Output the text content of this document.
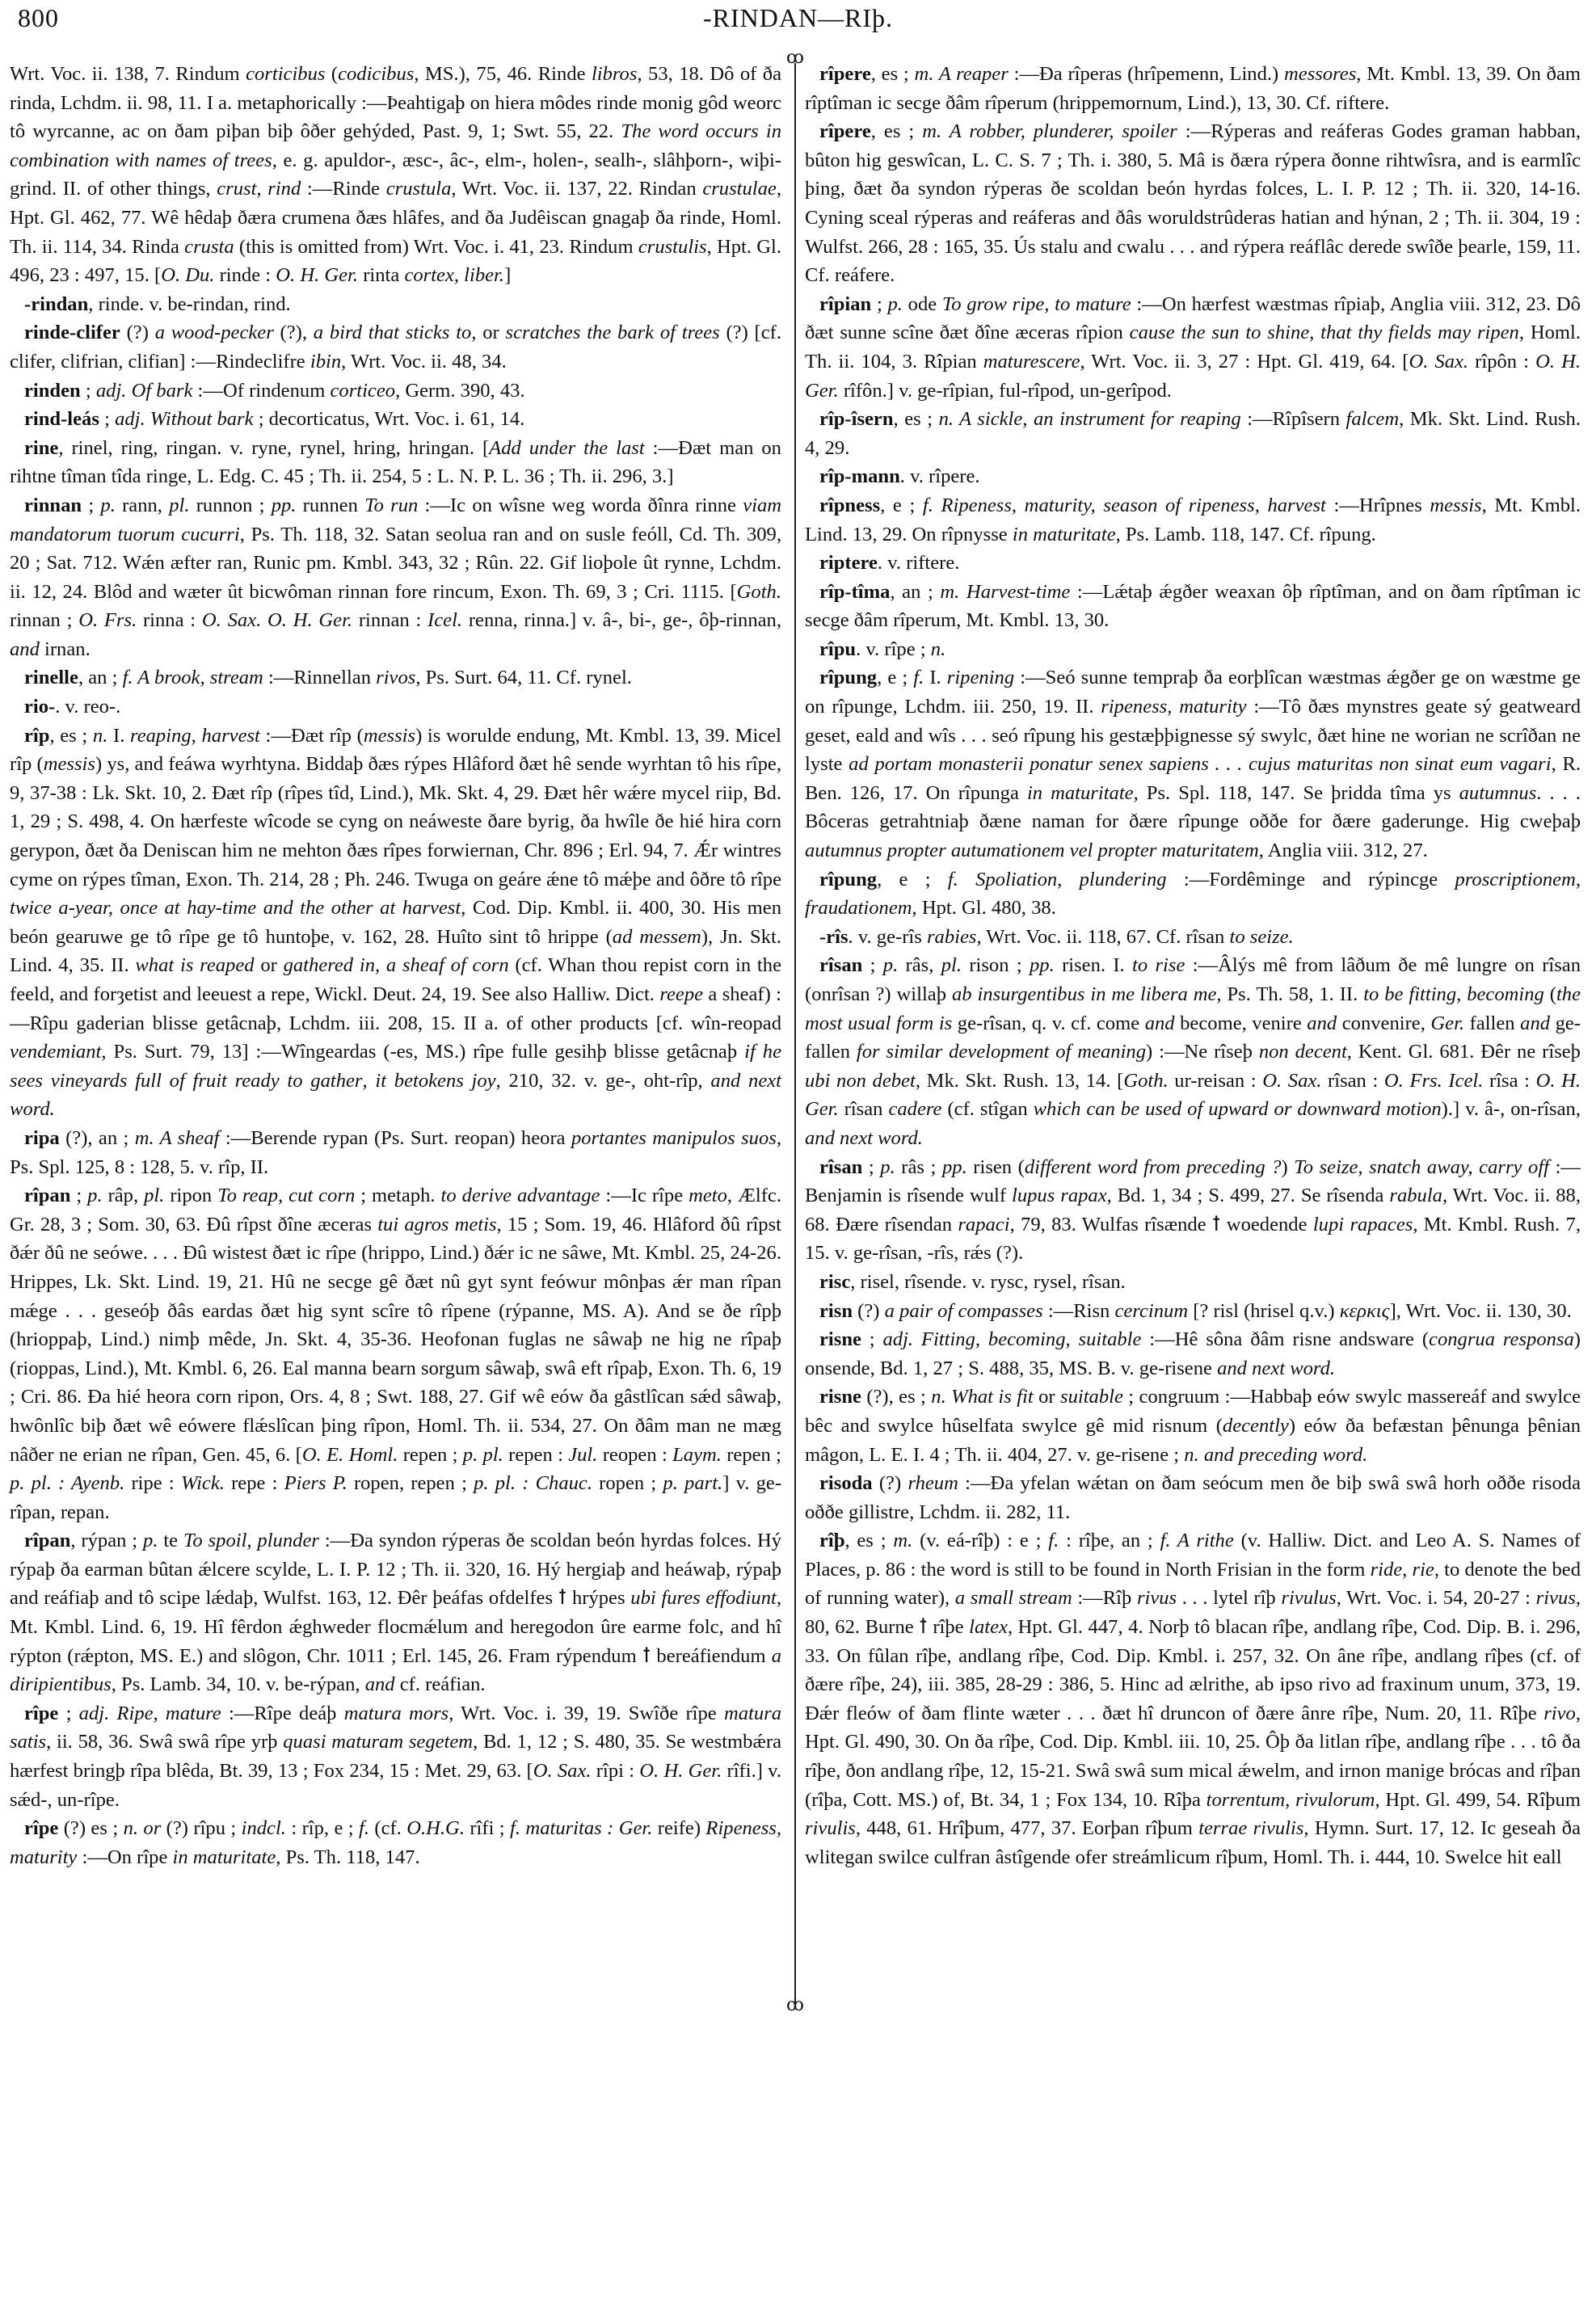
800	-RINDAN—RIþ.

Wrt. Voc. ii. 138, 7. Rindum corticibus (codicibus, MS.), 75, 46. Rinde libros, 53, 18. Dô of ða rinda, Lchdm. ii. 98, 11. I a. metaphorically :—Þeahtigaþ on hiera môdes rinde monig gôd weorc tô wyrcanne, ac on ðam piþan biþ ôðer gehýded, Past. 9, 1; Swt. 55, 22. The word occurs in combination with names of trees, e. g. apuldor-, æsc-, âc-, elm-, holen-, sealh-, slâhþorn-, wiþi-grind. II. of other things, crust, rind :—Rinde crustula, Wrt. Voc. ii. 137, 22. Rindan crustulae, Hpt. Gl. 462, 77. Wê hêdaþ ðæra crumena ðæs hlâfes, and ða Judêiscan gnagaþ ða rinde, Homl. Th. ii. 114, 34. Rinda crusta (this is omitted from) Wrt. Voc. i. 41, 23. Rindum crustulis, Hpt. Gl. 496, 23 : 497, 15. [O. Du. rinde : O. H. Ger. rinta cortex, liber.]

-rindan, rinde. v. be-rindan, rind.

rinde-clifer (?) a wood-pecker (?), a bird that sticks to, or scratches the bark of trees (?) [cf. clifer, clifrian, clifian] :—Rindeclifre ibin, Wrt. Voc. ii. 48, 34.

rinden ; adj. Of bark :—Of rindenum corticeo, Germ. 390, 43.

rind-leás ; adj. Without bark ; decorticatus, Wrt. Voc. i. 61, 14.

rine, rinel, ring, ringan. v. ryne, rynel, hring, hringan. [Add under the last :—Ðæt man on rihtne tîman tîda ringe, L. Edg. C. 45 ; Th. ii. 254, 5 : L. N. P. L. 36 ; Th. ii. 296, 3.]

rinnan ; p. rann, pl. runnon ; pp. runnen To run :—Ic on wîsne weg worda ðînra rinne viam mandatorum tuorum cucurri, Ps. Th. 118, 32. Satan seolua ran and on susle feóll, Cd. Th. 309, 20 ; Sat. 712. Wǽn æfter ran, Runic pm. Kmbl. 343, 32 ; Rûn. 22. Gif lioþole ût rynne, Lchdm. ii. 12, 24. Blôd and wæter ût bicwôman rinnan fore rincum, Exon. Th. 69, 3 ; Cri. 1115. [Goth. rinnan ; O. Frs. rinna : O. Sax. O. H. Ger. rinnan : Icel. renna, rinna.] v. â-, bi-, ge-, ôþ-rinnan, and irnan.

rinelle, an ; f. A brook, stream :—Rinnellan rivos, Ps. Surt. 64, 11. Cf. rynel.

rio-. v. reo-.

rîp, es ; n. I. reaping, harvest :—Ðæt rîp (messis) is worulde endung, Mt. Kmbl. 13, 39. Micel rîp (messis) ys, and feáwa wyrhtyna. Biddaþ ðæs rýpes Hlâford ðæt hê sende wyrhtan tô his rîpe, 9, 37-38 : Lk. Skt. 10, 2. Ðæt rîp (rîpes tîd, Lind.), Mk. Skt. 4, 29. Ðæt hêr wǽre mycel riip, Bd. 1, 29 ; S. 498, 4. On hærfeste wîcode se cyng on neáweste ðare byrig, ða hwîle ðe hié hira corn gerypon, ðæt ða Deniscan him ne mehton ðæs rîpes forwiernan, Chr. 896 ; Erl. 94, 7. Ǽr wintres cyme on rýpes tîman, Exon. Th. 214, 28 ; Ph. 246. Twuga on geáre ǽne tô mǽþe and ôðre tô rîpe twice a-year, once at hay-time and the other at harvest, Cod. Dip. Kmbl. ii. 400, 30. His men beón gearuwe ge tô rîpe ge tô huntoþe, v. 162, 28. Huîto sint tô hrippe (ad messem), Jn. Skt. Lind. 4, 35. II. what is reaped or gathered in, a sheaf of corn (cf. Whan thou repist corn in the feeld, and forȝetist and leeuest a repe, Wickl. Deut. 24, 19. See also Halliw. Dict. reepe a sheaf) :—Rîpu gaderian blisse getâcnaþ, Lchdm. iii. 208, 15. II a. of other products [cf. wîn-reopad vendemiant, Ps. Surt. 79, 13] :—Wîngeardas (-es, MS.) rîpe fulle gesihþ blisse getâcnaþ if he sees vineyards full of fruit ready to gather, it betokens joy, 210, 32. v. ge-, oht-rîp, and next word.

ripa (?), an ; m. A sheaf :—Berende rypan (Ps. Surt. reopan) heora portantes manipulos suos, Ps. Spl. 125, 8 : 128, 5. v. rîp, II.

rîpan ; p. râp, pl. ripon To reap, cut corn ; metaph. to derive advantage :—Ic rîpe meto, Ælfc. Gr. 28, 3 ; Som. 30, 63. Ðû rîpst ðîne æceras tui agros metis, 15 ; Som. 19, 46. Hlâford ðû rîpst ðǽr ðû ne seówe. . . . Ðû wistest ðæt ic rîpe (hrippo, Lind.) ðǽr ic ne sâwe, Mt. Kmbl. 25, 24-26. Hrippes, Lk. Skt. Lind. 19, 21. Hû ne secge gê ðæt nû gyt synt feówur mônþas ǽr man rîpan mǽge . . . geseóþ ðâs eardas ðæt hig synt scîre tô rîpene (rýpanne, MS. A). And se ðe rîpþ (hrioppaþ, Lind.) nimþ mêde, Jn. Skt. 4, 35-36. Heofonan fuglas ne sâwaþ ne hig ne rîpaþ (rioppas, Lind.), Mt. Kmbl. 6, 26. Eal manna bearn sorgum sâwaþ, swâ eft rîpaþ, Exon. Th. 6, 19 ; Cri. 86. Ða hié heora corn ripon, Ors. 4, 8 ; Swt. 188, 27. Gif wê eów ða gâstlîcan sǽd sâwaþ, hwônlîc biþ ðæt wê eówere flǽslîcan þing rîpon, Homl. Th. ii. 534, 27. On ðâm man ne mæg nâðer ne erian ne rîpan, Gen. 45, 6. [O. E. Homl. repen ; p. pl. repen : Jul. reopen : Laym. repen ; p. pl. : Ayenb. ripe : Wick. repe : Piers P. ropen, repen ; p. pl. : Chauc. ropen ; p. part.] v. ge-rîpan, repan.

rîpan, rýpan ; p. te To spoil, plunder :—Ða syndon rýperas ðe scoldan beón hyrdas folces. Hý rýpaþ ða earman bûtan ǽlcere scylde, L. I. P. 12 ; Th. ii. 320, 16. Hý hergiaþ and heáwaþ, rýpaþ and reáfiaþ and tô scipe lǽdaþ, Wulfst. 163, 12. Ðêr þeáfas ofdelfes ꝉ hrýpes ubi fures effodiunt, Mt. Kmbl. Lind. 6, 19. Hî fêrdon ǽghweder flocmǽlum and heregodon ûre earme folc, and hî rýpton (rǽpton, MS. E.) and slôgon, Chr. 1011 ; Erl. 145, 26. Fram rýpendum ꝉ bereáfiendum a diripientibus, Ps. Lamb. 34, 10. v. be-rýpan, and cf. reáfian.

rîpe ; adj. Ripe, mature :—Rîpe deáþ matura mors, Wrt. Voc. i. 39, 19. Swîðe rîpe matura satis, ii. 58, 36. Swâ swâ rîpe yrþ quasi maturam segetem, Bd. 1, 12 ; S. 480, 35. Se westmbǽra hærfest bringþ rîpa blêda, Bt. 39, 13 ; Fox 234, 15 : Met. 29, 63. [O. Sax. rîpi : O. H. Ger. rîfi.] v. sǽd-, un-rîpe.

rîpe (?) es ; n. or (?) rîpu ; indcl. : rîp, e ; f. (cf. O.H.G. rîfi ; f. maturitas : Ger. reife) Ripeness, maturity :—On rîpe in maturitate, Ps. Th. 118, 147.

ꝏ
ꝏ

rîpere, es ; m. A reaper :—Ða rîperas (hrîpemenn, Lind.) messores, Mt. Kmbl. 13, 39. On ðam rîptîman ic secge ðâm rîperum (hrippemornum, Lind.), 13, 30. Cf. riftere.

rîpere, es ; m. A robber, plunderer, spoiler :—Rýperas and reáferas Godes graman habban, bûton hig geswîcan, L. C. S. 7 ; Th. i. 380, 5. Mâ is ðæra rýpera ðonne rihtwîsra, and is earmlîc þing, ðæt ða syndon rýperas ðe scoldan beón hyrdas folces, L. I. P. 12 ; Th. ii. 320, 14-16. Cyning sceal rýperas and reáferas and ðâs woruldstrûderas hatian and hýnan, 2 ; Th. ii. 304, 19 : Wulfst. 266, 28 : 165, 35. Ús stalu and cwalu . . . and rýpera reáflâc derede swîðe þearle, 159, 11. Cf. reáfere.

rîpian ; p. ode To grow ripe, to mature :—On hærfest wæstmas rîpiaþ, Anglia viii. 312, 23. Dô ðæt sunne scîne ðæt ðîne æceras rîpion cause the sun to shine, that thy fields may ripen, Homl. Th. ii. 104, 3. Rîpian maturescere, Wrt. Voc. ii. 3, 27 : Hpt. Gl. 419, 64. [O. Sax. rîpôn : O. H. Ger. rîfôn.] v. ge-rîpian, ful-rîpod, un-gerîpod.

rîp-îsern, es ; n. A sickle, an instrument for reaping :—Rîpîsern falcem, Mk. Skt. Lind. Rush. 4, 29.

rîp-mann. v. rîpere.

rîpness, e ; f. Ripeness, maturity, season of ripeness, harvest :—Hrîpnes messis, Mt. Kmbl. Lind. 13, 29. On rîpnysse in maturitate, Ps. Lamb. 118, 147. Cf. rîpung.

riptere. v. riftere.

rîp-tîma, an ; m. Harvest-time :—Lǽtaþ ǽgðer weaxan ôþ rîptîman, and on ðam rîptîman ic secge ðâm rîperum, Mt. Kmbl. 13, 30.

rîpu. v. rîpe ; n.

rîpung, e ; f. I. ripening :—Seó sunne tempraþ ða eorþlîcan wæstmas ǽgðer ge on wæstme ge on rîpunge, Lchdm. iii. 250, 19. II. ripeness, maturity :—Tô ðæs mynstres geate sý geatweard geset, eald and wîs . . . seó rîpung his gestæþþignesse sý swylc, ðæt hine ne worian ne scrîðan ne lyste ad portam monasterii ponatur senex sapiens . . . cujus maturitas non sinat eum vagari, R. Ben. 126, 17. On rîpunga in maturitate, Ps. Spl. 118, 147. Se þridda tîma ys autumnus. . . . Bôceras getrahtniaþ ðæne naman for ðære rîpunge oððe for ðære gaderunge. Hig cweþaþ autumnus propter autumationem vel propter maturitatem, Anglia viii. 312, 27.

rîpung, e ; f. Spoliation, plundering :—Fordêminge and rýpincge proscriptionem, fraudationem, Hpt. Gl. 480, 38.

-rîs. v. ge-rîs rabies, Wrt. Voc. ii. 118, 67. Cf. rîsan to seize.

rîsan ; p. râs, pl. rison ; pp. risen. I. to rise :—Âlýs mê from lâðum ðe mê lungre on rîsan (onrîsan ?) willaþ ab insurgentibus in me libera me, Ps. Th. 58, 1. II. to be fitting, becoming (the most usual form is ge-rîsan, q. v. cf. come and become, venire and convenire, Ger. fallen and ge-fallen for similar development of meaning) :—Ne rîseþ non decent, Kent. Gl. 681. Ðêr ne rîseþ ubi non debet, Mk. Skt. Rush. 13, 14. [Goth. ur-reisan : O. Sax. rîsan : O. Frs. Icel. rîsa : O. H. Ger. rîsan cadere (cf. stîgan which can be used of upward or downward motion).] v. â-, on-rîsan, and next word.

rîsan ; p. râs ; pp. risen (different word from preceding ?) To seize, snatch away, carry off :—Benjamin is rîsende wulf lupus rapax, Bd. 1, 34 ; S. 499, 27. Se rîsenda rabula, Wrt. Voc. ii. 88, 68. Ðære rîsendan rapaci, 79, 83. Wulfas rîsænde ꝉ woedende lupi rapaces, Mt. Kmbl. Rush. 7, 15. v. ge-rîsan, -rîs, rǽs (?).

risc, risel, rîsende. v. rysc, rysel, rîsan.

risn (?) a pair of compasses :—Risn cercinum [? risl (hrisel q.v.) κερκις], Wrt. Voc. ii. 130, 30.

risne ; adj. Fitting, becoming, suitable :—Hê sôna ðâm risne andsware (congrua responsa) onsende, Bd. 1, 27 ; S. 488, 35, MS. B. v. ge-risene and next word.

risne (?), es ; n. What is fit or suitable ; congruum :—Habbaþ eów swylc massereáf and swylce bêc and swylce hûselfata swylce gê mid risnum (decently) eów ða befæstan þênunga þênian mâgon, L. E. I. 4 ; Th. ii. 404, 27. v. ge-risene ; n. and preceding word.

risoda (?) rheum :—Ða yfelan wǽtan on ðam seócum men ðe biþ swâ swâ horh oððe risoda oððe gillistre, Lchdm. ii. 282, 11.

rîþ, es ; m. (v. eá-rîþ) : e ; f. : rîþe, an ; f. A rithe (v. Halliw. Dict. and Leo A. S. Names of Places, p. 86 : the word is still to be found in North Frisian in the form ride, rie, to denote the bed of running water), a small stream :—Rîþ rivus . . . lytel rîþ rivulus, Wrt. Voc. i. 54, 20-27 : rivus, 80, 62. Burne ꝉ rîþe latex, Hpt. Gl. 447, 4. Norþ tô blacan rîþe, andlang rîþe, Cod. Dip. B. i. 296, 33. On fûlan rîþe, andlang rîþe, Cod. Dip. Kmbl. i. 257, 32. On âne rîþe, andlang rîþes (cf. of ðære rîþe, 24), iii. 385, 28-29 : 386, 5. Hinc ad ælrithe, ab ipso rivo ad fraxinum unum, 373, 19. Ðǽr fleów of ðam flinte wæter . . . ðæt hî druncon of ðære ânre rîþe, Num. 20, 11. Rîþe rivo, Hpt. Gl. 490, 30. On ða rîþe, Cod. Dip. Kmbl. iii. 10, 25. Ôþ ða litlan rîþe, andlang rîþe . . . tô ða rîþe, ðon andlang rîþe, 12, 15-21. Swâ swâ sum mical ǽwelm, and irnon manige brócas and rîþan (rîþa, Cott. MS.) of, Bt. 34, 1 ; Fox 134, 10. Rîþa torrentum, rivulorum, Hpt. Gl. 499, 54. Rîþum rivulis, 448, 61. Hrîþum, 477, 37. Eorþan rîþum terrae rivulis, Hymn. Surt. 17, 12. Ic geseah ða wlitegan swilce culfran âstîgende ofer streámlicum rîþum, Homl. Th. i. 444, 10. Swelce hit eall
